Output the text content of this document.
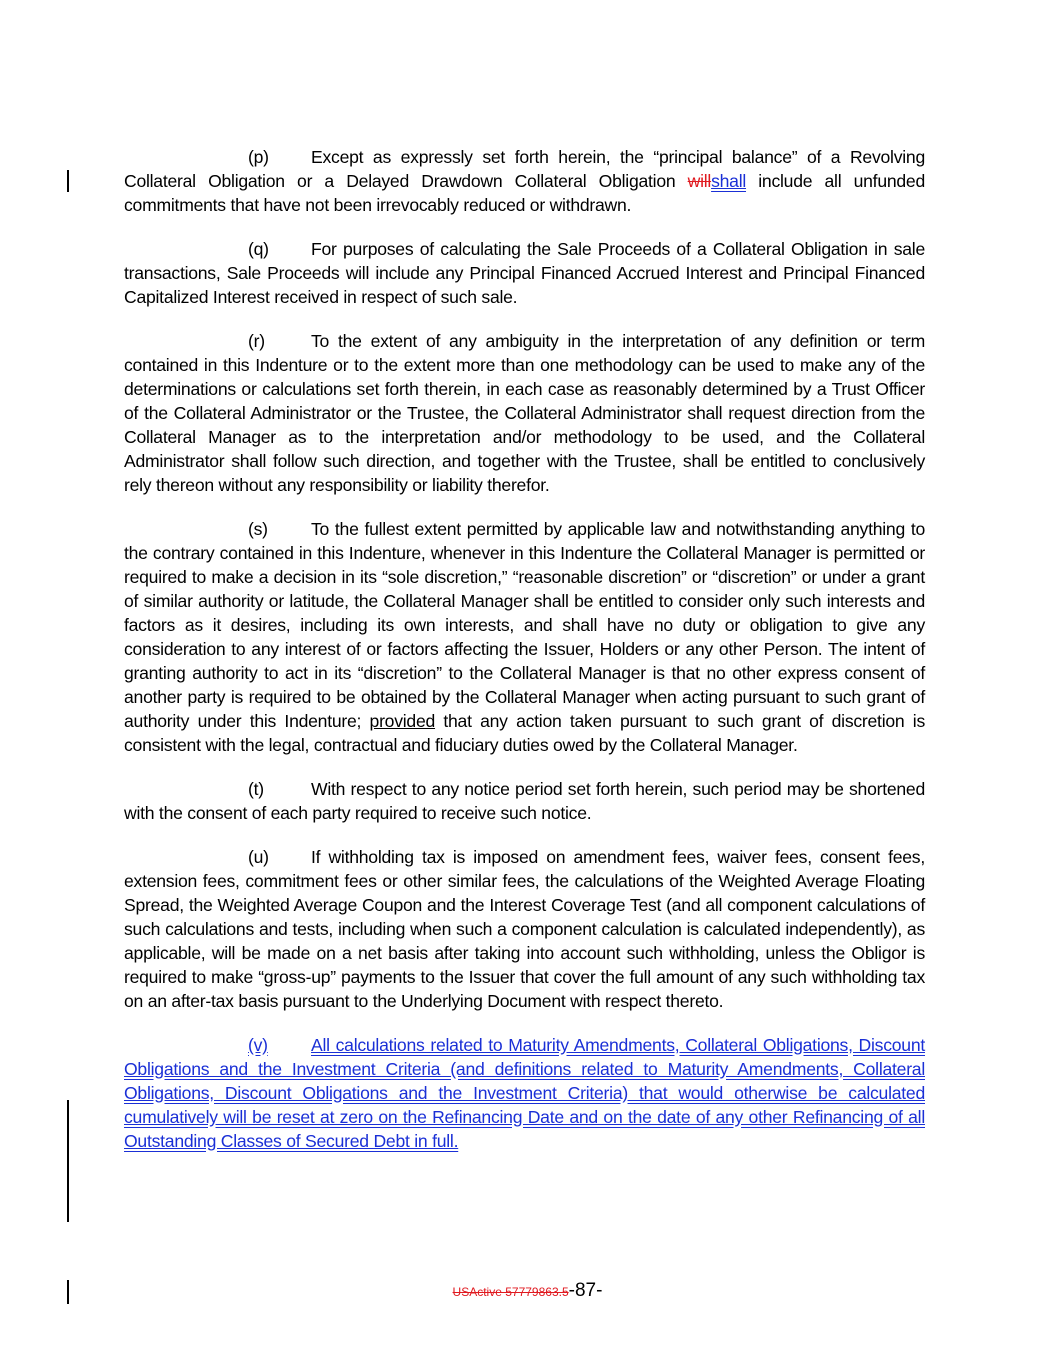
(p) Except as expressly set forth herein, the “principal balance” of a Revolving Collateral Obligation or a Delayed Drawdown Collateral Obligation willshall include all unfunded commitments that have not been irrevocably reduced or withdrawn.

(q) For purposes of calculating the Sale Proceeds of a Collateral Obligation in sale transactions, Sale Proceeds will include any Principal Financed Accrued Interest and Principal Financed Capitalized Interest received in respect of such sale.

(r)	To the extent of any ambiguity in the interpretation of any definition or term contained in this Indenture or to the extent more than one methodology can be used to make any of the determinations or calculations set forth therein, in each case as reasonably determined by a Trust Officer of the Collateral Administrator or the Trustee, the Collateral Administrator shall request direction from the Collateral Manager as to the interpretation and/or methodology to be used, and the Collateral Administrator shall follow such direction, and together with the Trustee, shall be entitled to conclusively rely thereon without any responsibility or liability therefor.

(s) To the fullest extent permitted by applicable law and notwithstanding anything to the contrary contained in this Indenture, whenever in this Indenture the Collateral Manager is permitted or required to make a decision in its “sole discretion,” “reasonable discretion” or “discretion” or under a grant of similar authority or latitude, the Collateral Manager shall be entitled to consider only such interests and factors as it desires, including its own interests, and shall have no duty or obligation to give any consideration to any interest of or factors affecting the Issuer, Holders or any other Person. The intent of granting authority to act in its “discretion” to the Collateral Manager is that no other express consent of another party is required to be obtained by the Collateral Manager when acting pursuant to such grant of authority under this Indenture; provided that any action taken pursuant to such grant of discretion is consistent with the legal, contractual and fiduciary duties owed by the Collateral Manager.

(t)	With respect to any notice period set forth herein, such period may be shortened with the consent of each party required to receive such notice.

(u) If withholding tax is imposed on amendment fees, waiver fees, consent fees, extension fees, commitment fees or other similar fees, the calculations of the Weighted Average Floating Spread, the Weighted Average Coupon and the Interest Coverage Test (and all component calculations of such calculations and tests, including when such a component calculation is calculated independently), as applicable, will be made on a net basis after taking into account such withholding, unless the Obligor is required to make “gross-up” payments to the Issuer that cover the full amount of any such withholding tax on an after-tax basis pursuant to the Underlying Document with respect thereto.

(v) All calculations related to Maturity Amendments, Collateral Obligations, Discount Obligations and the Investment Criteria (and definitions related to Maturity Amendments, Collateral Obligations, Discount Obligations and the Investment Criteria) that would otherwise be calculated cumulatively will be reset at zero on the Refinancing Date and on the date of any other Refinancing of all Outstanding Classes of Secured Debt in full.

USActive 57779863.5-87-
